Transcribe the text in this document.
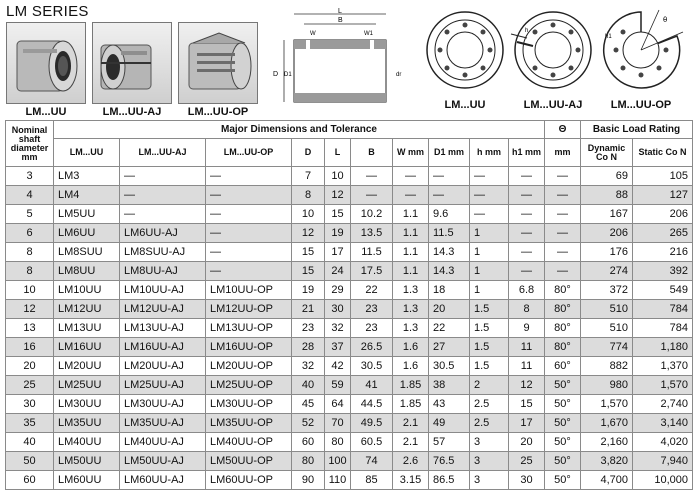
LM SERIES
LM...UU	LM...UU-AJ	LM...UU-OP
L
B
W	W1
D D1	dr
h
θ
h1
LM...UU	LM...UU-AJ	LM...UU-OP
Nominal shaft diameter mm	Major Dimensions and Tolerance										Θ	Basic Load Rating	
	LM...UU	LM...UU-AJ	LM...UU-OP	D	L	B	W mm	D1 mm	h mm	h1 mm	mm	Dynamic Co N	Static Co N
3	LM3	—	—	7	10	—	—	—	—	—	—	69	105
4	LM4	—	—	8	12	—	—	—	—	—	—	88	127
5	LM5UU	—	—	10	15	10.2	1.1	9.6	—	—	—	167	206
6	LM6UU	LM6UU-AJ	—	12	19	13.5	1.1	11.5	1	—	—	206	265
8	LM8SUU	LM8SUU-AJ	—	15	17	11.5	1.1	14.3	1	—	—	176	216
8	LM8UU	LM8UU-AJ	—	15	24	17.5	1.1	14.3	1	—	—	274	392
10	LM10UU	LM10UU-AJ	LM10UU-OP	19	29	22	1.3	18	1	6.8	80°	372	549
12	LM12UU	LM12UU-AJ	LM12UU-OP	21	30	23	1.3	20	1.5	8	80°	510	784
13	LM13UU	LM13UU-AJ	LM13UU-OP	23	32	23	1.3	22	1.5	9	80°	510	784
16	LM16UU	LM16UU-AJ	LM16UU-OP	28	37	26.5	1.6	27	1.5	11	80°	774	1,180
20	LM20UU	LM20UU-AJ	LM20UU-OP	32	42	30.5	1.6	30.5	1.5	11	60°	882	1,370
25	LM25UU	LM25UU-AJ	LM25UU-OP	40	59	41	1.85	38	2	12	50°	980	1,570
30	LM30UU	LM30UU-AJ	LM30UU-OP	45	64	44.5	1.85	43	2.5	15	50°	1,570	2,740
35	LM35UU	LM35UU-AJ	LM35UU-OP	52	70	49.5	2.1	49	2.5	17	50°	1,670	3,140
40	LM40UU	LM40UU-AJ	LM40UU-OP	60	80	60.5	2.1	57	3	20	50°	2,160	4,020
50	LM50UU	LM50UU-AJ	LM50UU-OP	80	100	74	2.6	76.5	3	25	50°	3,820	7,940
60	LM60UU	LM60UU-AJ	LM60UU-OP	90	110	85	3.15	86.5	3	30	50°	4,700	10,000
